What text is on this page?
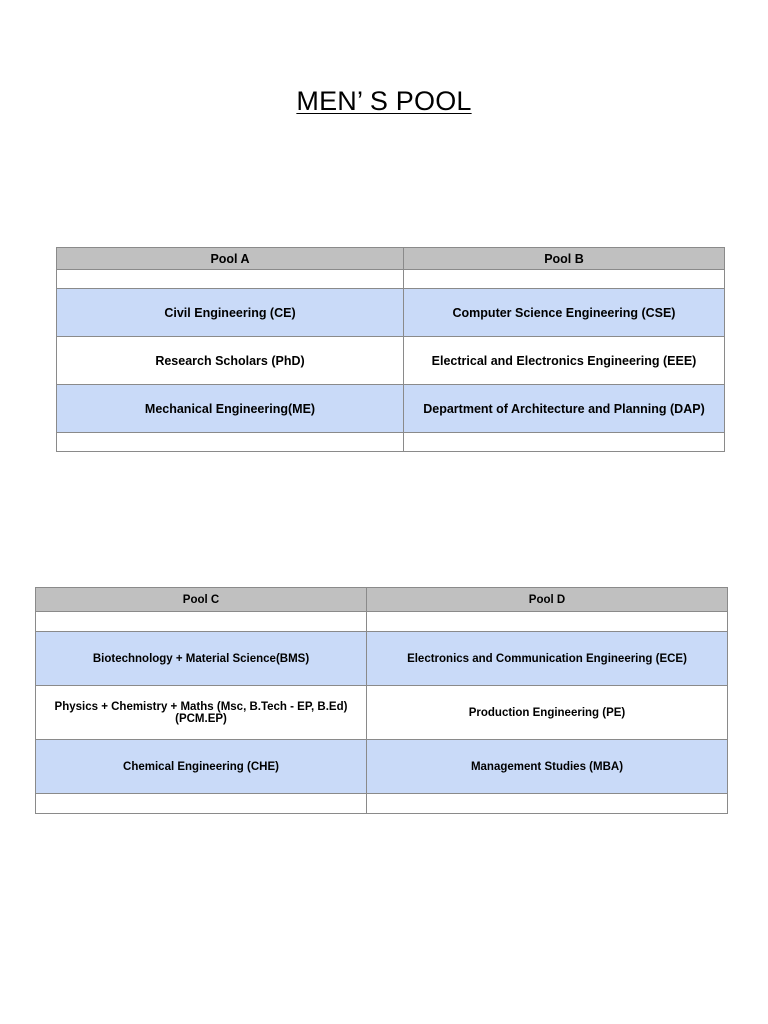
MEN’ S POOL
Pool A	Pool B

Civil Engineering (CE)	Computer Science Engineering (CSE)
Research Scholars (PhD)	Electrical and Electronics Engineering (EEE)
Mechanical Engineering(ME)	Department of Architecture and Planning (DAP)

Pool C	Pool D

Biotechnology + Material Science(BMS)	Electronics and Communication Engineering (ECE)
Physics + Chemistry + Maths (Msc, B.Tech - EP, B.Ed)(PCM.EP)	Production Engineering (PE)
Chemical Engineering (CHE)	Management Studies (MBA)
